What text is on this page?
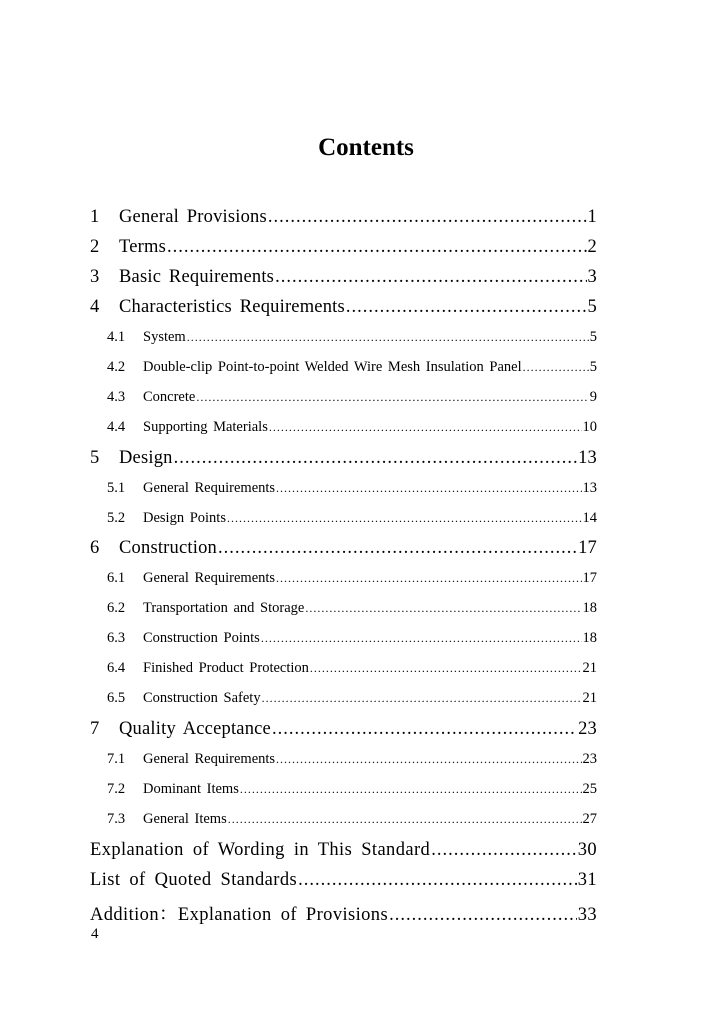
Contents
1	General Provisions .....	1
2	Terms .....	2
3	Basic Requirements .....	3
4	Characteristics Requirements .....	5
4.1	System .....	5
4.2	Double-clip Point-to-point Welded Wire Mesh Insulation Panel .....	5
4.3	Concrete .....	9
4.4	Supporting Materials .....	10
5	Design .....	13
5.1	General Requirements .....	13
5.2	Design Points .....	14
6	Construction .....	17
6.1	General Requirements .....	17
6.2	Transportation and Storage .....	18
6.3	Construction Points .....	18
6.4	Finished Product Protection .....	21
6.5	Construction Safety .....	21
7	Quality Acceptance .....	23
7.1	General Requirements .....	23
7.2	Dominant Items .....	25
7.3	General Items .....	27
Explanation of Wording in This Standard .....	30
List of Quoted Standards .....	31
Addition：Explanation of Provisions .....	33
4
